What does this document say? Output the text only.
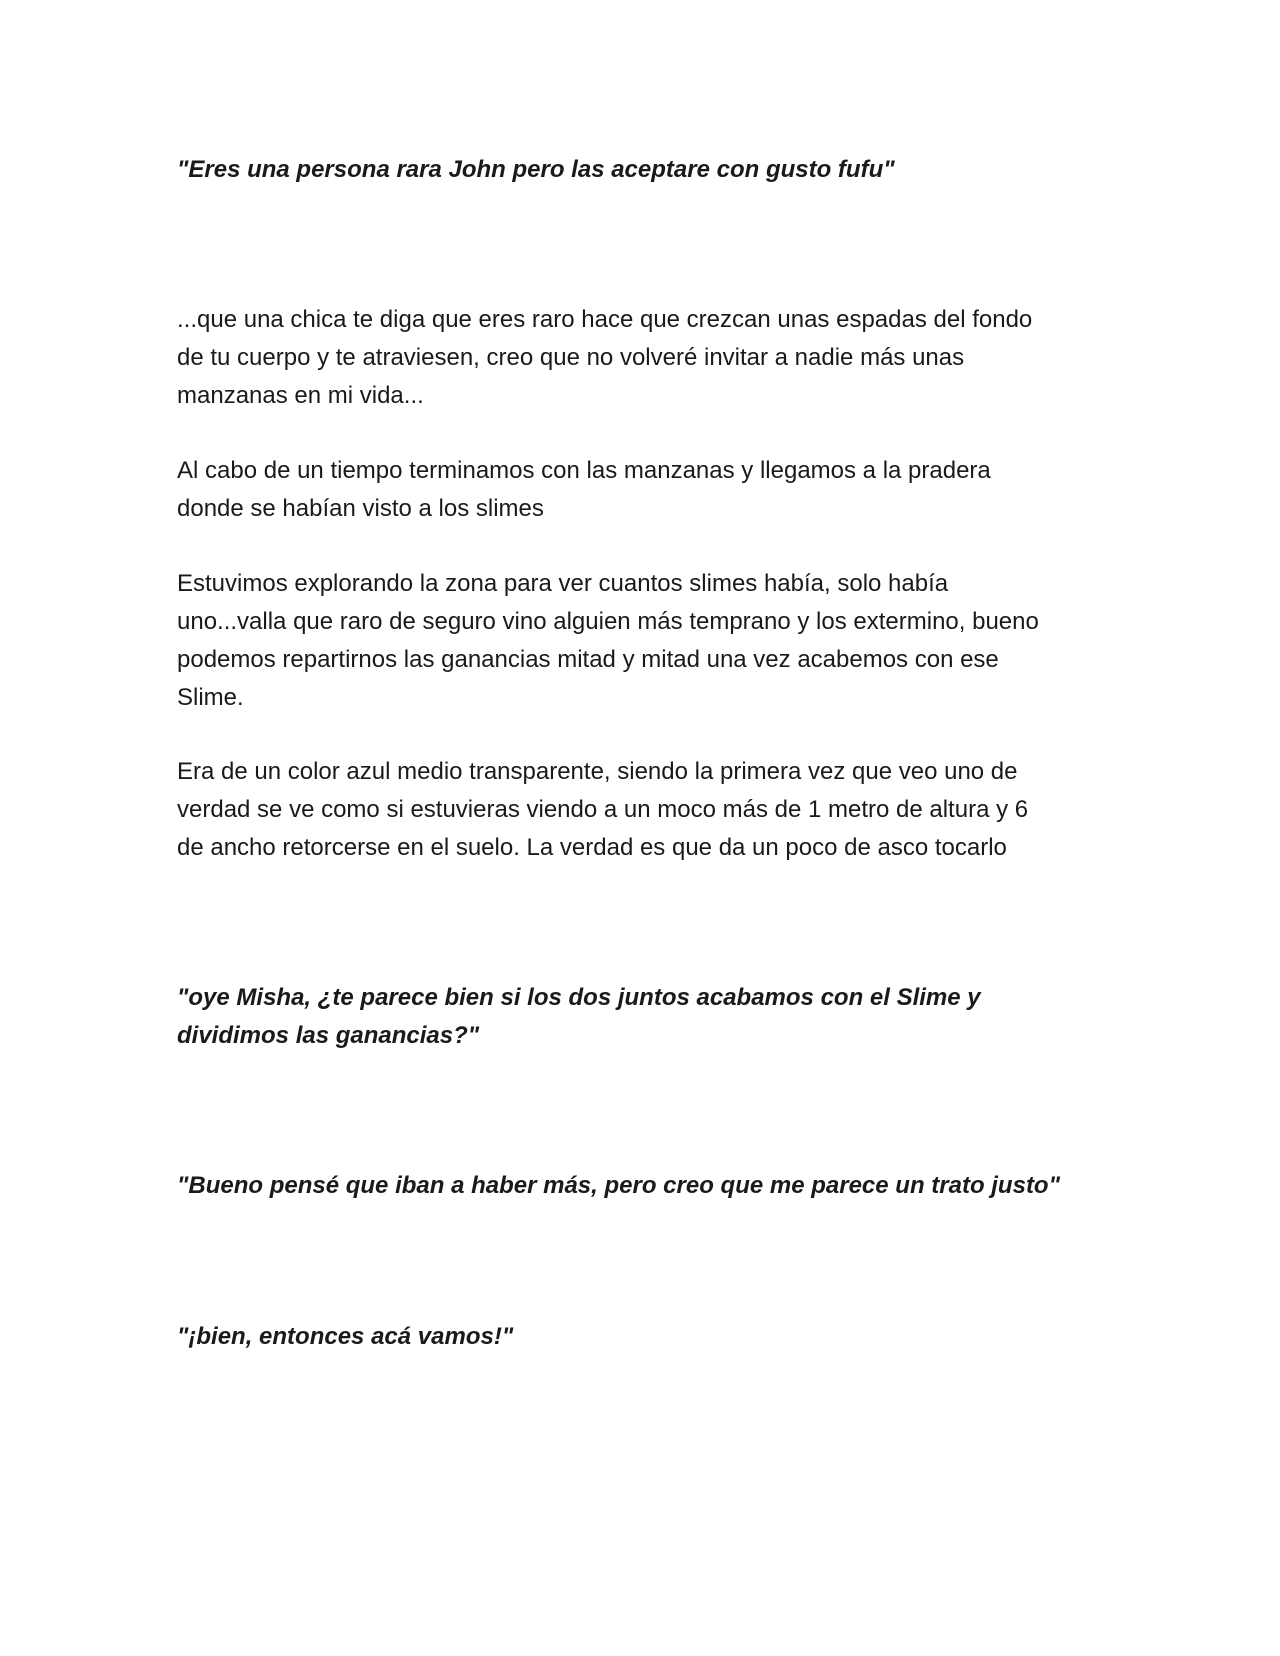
"Eres una persona rara John pero las aceptare con gusto fufu"

...que una chica te diga que eres raro hace que crezcan unas espadas del fondo
de tu cuerpo y te atraviesen, creo que no volveré invitar a nadie más unas
manzanas en mi vida...

Al cabo de un tiempo terminamos con las manzanas y llegamos a la pradera
donde se habían visto a los slimes

Estuvimos explorando la zona para ver cuantos slimes había, solo había
uno...valla que raro de seguro vino alguien más temprano y los extermino, bueno
podemos repartirnos las ganancias mitad y mitad una vez acabemos con ese
Slime.

Era de un color azul medio transparente, siendo la primera vez que veo uno de
verdad se ve como si estuvieras viendo a un moco más de 1 metro de altura y 6
de ancho retorcerse en el suelo. La verdad es que da un poco de asco tocarlo

"oye Misha, ¿te parece bien si los dos juntos acabamos con el Slime y
dividimos las ganancias?"

"Bueno pensé que iban a haber más, pero creo que me parece un trato justo"

"¡bien, entonces acá vamos!"
